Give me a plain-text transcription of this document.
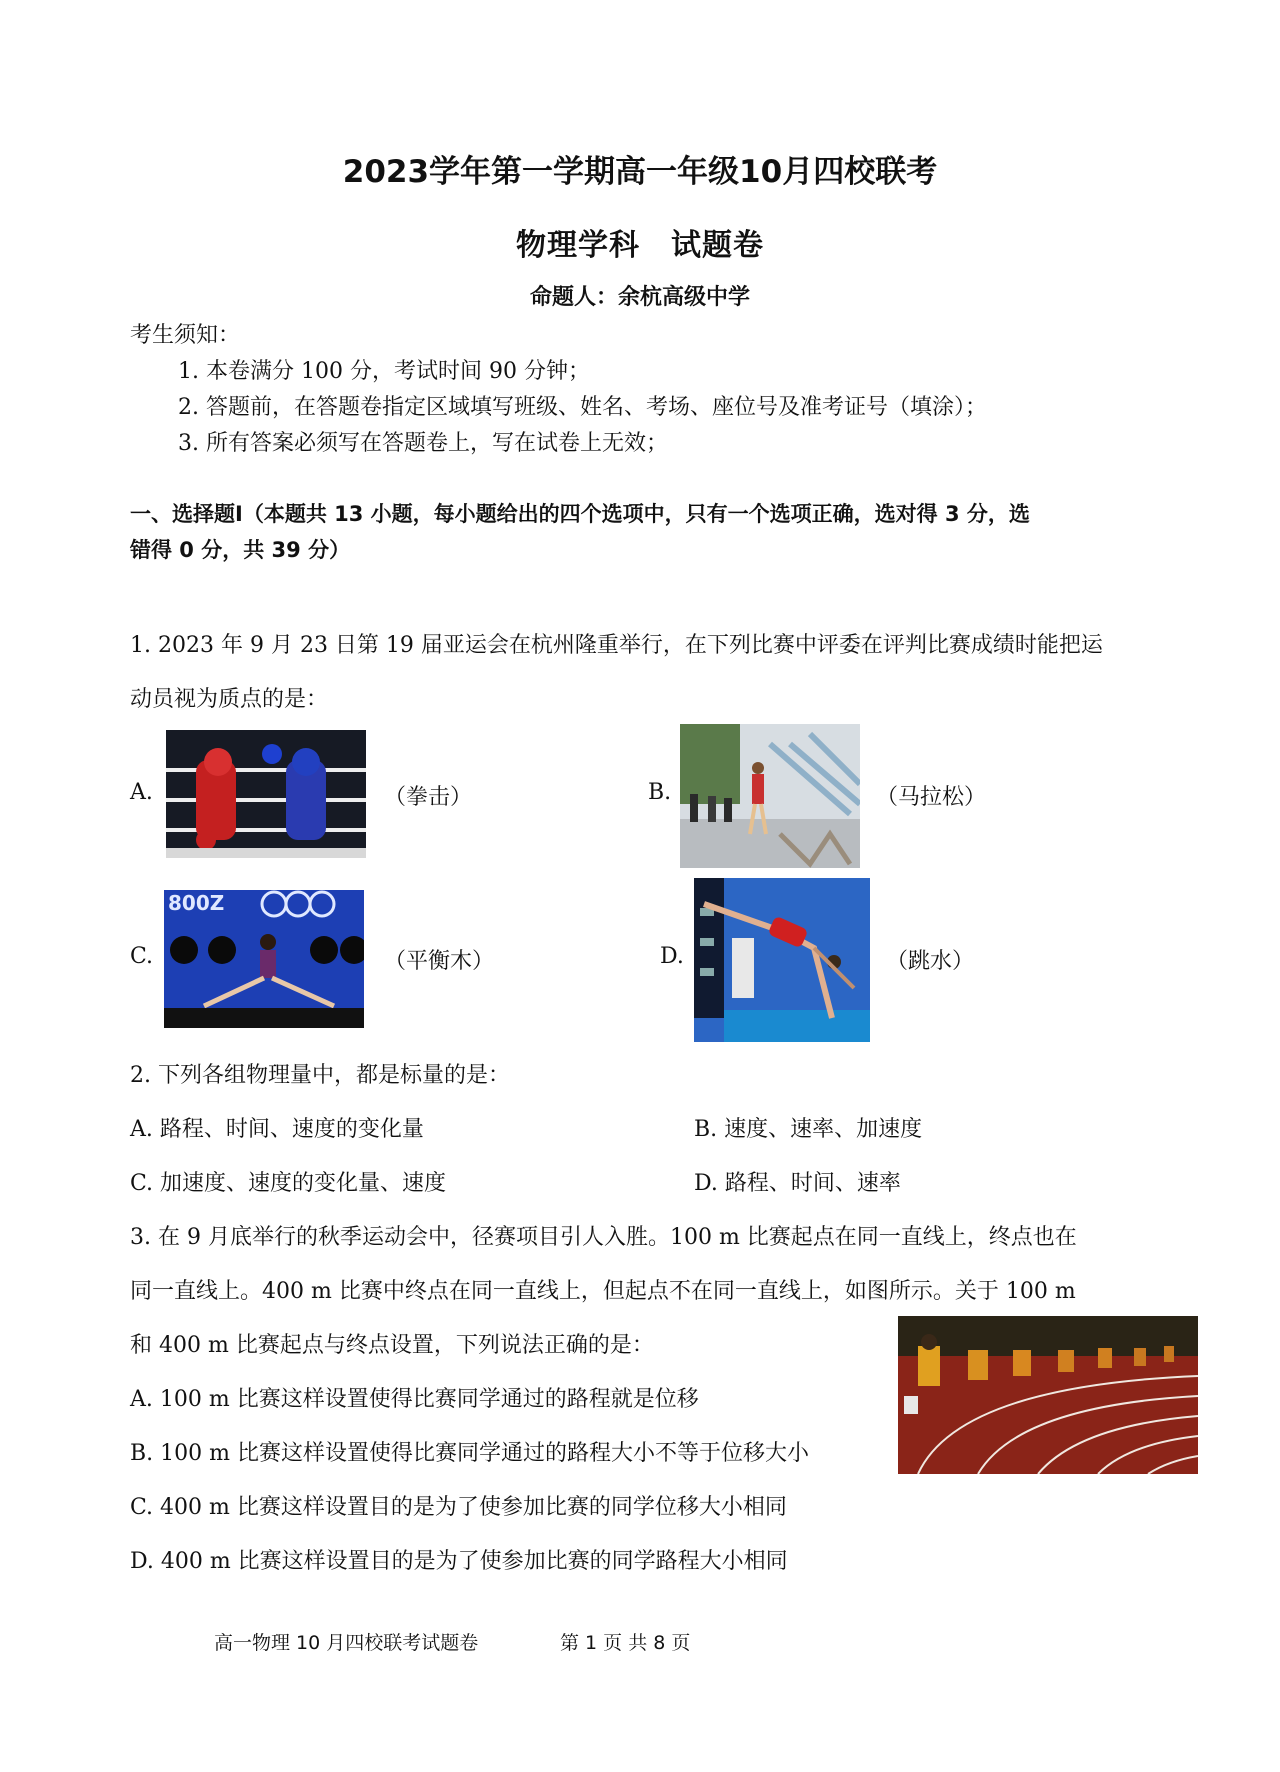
2023学年第一学期高一年级10月四校联考
物理学科　试题卷
命题人：余杭高级中学
考生须知：
1. 本卷满分 100 分，考试时间 90 分钟；
2. 答题前，在答题卷指定区域填写班级、姓名、考场、座位号及准考证号（填涂）；
3. 所有答案必须写在答题卷上，写在试卷上无效；
一、选择题Ⅰ（本题共 13 小题，每小题给出的四个选项中，只有一个选项正确，选对得 3 分，选
错得 0 分，共 39 分）
1. 2023 年 9 月 23 日第 19 届亚运会在杭州隆重举行，在下列比赛中评委在评判比赛成绩时能把运
动员视为质点的是：
A.	（拳击）	B.	（马拉松）
C.
800Z
（平衡木）	D.	（跳水）
2. 下列各组物理量中，都是标量的是：
A. 路程、时间、速度的变化量	B. 速度、速率、加速度
C. 加速度、速度的变化量、速度	D. 路程、时间、速率
3. 在 9 月底举行的秋季运动会中，径赛项目引人入胜。100 m 比赛起点在同一直线上，终点也在
同一直线上。400 m 比赛中终点在同一直线上，但起点不在同一直线上，如图所示。关于 100 m
和 400 m 比赛起点与终点设置，下列说法正确的是：
A. 100 m 比赛这样设置使得比赛同学通过的路程就是位移
B. 100 m 比赛这样设置使得比赛同学通过的路程大小不等于位移大小
C. 400 m 比赛这样设置目的是为了使参加比赛的同学位移大小相同
D. 400 m 比赛这样设置目的是为了使参加比赛的同学路程大小相同
高一物理 10 月四校联考试题卷	第 1 页 共 8 页
